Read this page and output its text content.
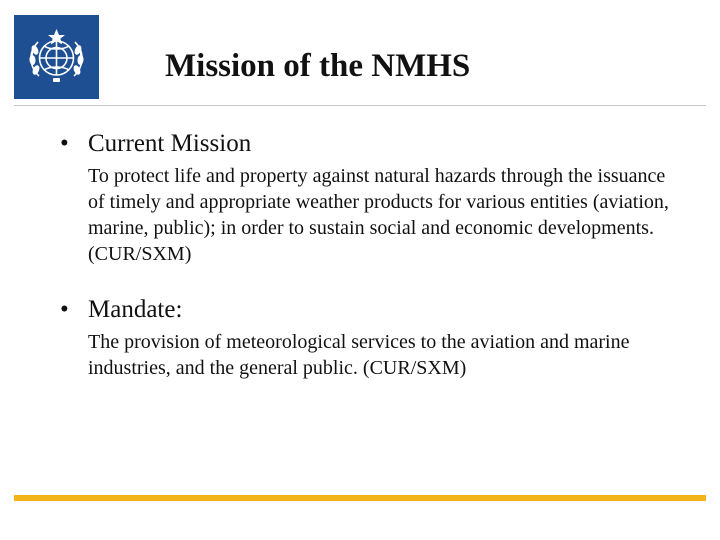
Mission of the NMHS
• Current Mission
To protect life and property against natural hazards through the issuance of timely and appropriate weather products for various entities (aviation, marine, public); in order to sustain social and economic developments. (CUR/SXM)
• Mandate:
The provision of meteorological services to the aviation and marine industries, and the general public. (CUR/SXM)
